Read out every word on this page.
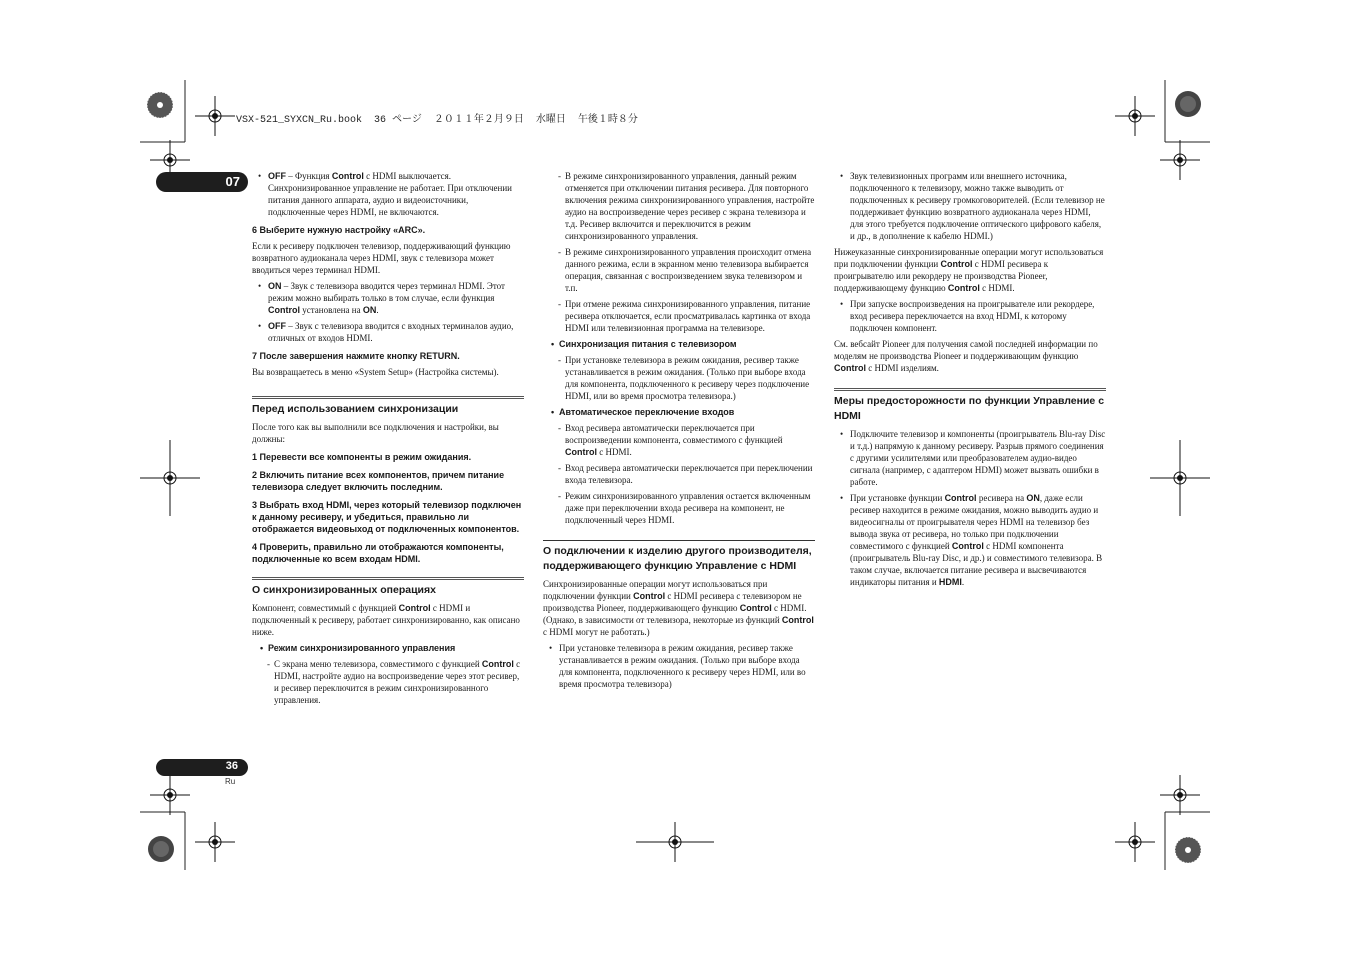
VSX-521_SYXCN_Ru.book  36 ページ  ２０１１年２月９日  水曜日  午後１時８分
07
36
Ru

• OFF – Функция Control с HDMI выключается. Синхронизированное управление не работает. При отключении питания данного аппарата, аудио и видеоисточники, подключенные через HDMI, не включаются.

6 Выберите нужную настройку «ARC».

Если к ресиверу подключен телевизор, поддерживающий функцию возвратного аудиоканала через HDMI, звук с телевизора может вводиться через терминал HDMI.

• ON – Звук с телевизора вводится через терминал HDMI. Этот режим можно выбирать только в том случае, если функция Control установлена на ON.

• OFF – Звук с телевизора вводится с входных терминалов аудио, отличных от входов HDMI.

7 После завершения нажмите кнопку RETURN.

Вы возвращаетесь в меню «System Setup» (Настройка системы).

Перед использованием синхронизации

После того как вы выполнили все подключения и настройки, вы должны:

1 Перевести все компоненты в режим ожидания.

2 Включить питание всех компонентов, причем питание телевизора следует включить последним.

3 Выбрать вход HDMI, через который телевизор подключен к данному ресиверу, и убедиться, правильно ли отображается видеовыход от подключенных компонентов.

4 Проверить, правильно ли отображаются компоненты, подключенные ко всем входам HDMI.

О синхронизированных операциях

Компонент, совместимый с функцией Control с HDMI и подключенный к ресиверу, работает синхронизированно, как описано ниже.

• Режим синхронизированного управления

- С экрана меню телевизора, совместимого с функцией Control с HDMI, настройте аудио на воспроизведение через этот ресивер, и ресивер переключится в режим синхронизированного управления.

- В режиме синхронизированного управления, данный режим отменяется при отключении питания ресивера. Для повторного включения режима синхронизированного управления, настройте аудио на воспроизведение через ресивер с экрана телевизора и т.д. Ресивер включится и переключится в режим синхронизированного управления.

- В режиме синхронизированного управления происходит отмена данного режима, если в экранном меню телевизора выбирается операция, связанная с воспроизведением звука телевизором и т.п.

- При отмене режима синхронизированного управления, питание ресивера отключается, если просматривалась картинка от входа HDMI или телевизионная программа на телевизоре.

• Синхронизация питания с телевизором

- При установке телевизора в режим ожидания, ресивер также устанавливается в режим ожидания. (Только при выборе входа для компонента, подключенного к ресиверу через подключение HDMI, или во время просмотра телевизора.)

• Автоматическое переключение входов

- Вход ресивера автоматически переключается при воспроизведении компонента, совместимого с функцией Control с HDMI.

- Вход ресивера автоматически переключается при переключении входа телевизора.

- Режим синхронизированного управления остается включенным даже при переключении входа ресивера на компонент, не подключенный через HDMI.

О подключении к изделию другого производителя, поддерживающего функцию Управление с HDMI

Синхронизированные операции могут использоваться при подключении функции Control с HDMI ресивера с телевизором не производства Pioneer, поддерживающего функцию Control с HDMI. (Однако, в зависимости от телевизора, некоторые из функций Control с HDMI могут не работать.)

• При установке телевизора в режим ожидания, ресивер также устанавливается в режим ожидания. (Только при выборе входа для компонента, подключенного к ресиверу через HDMI, или во время просмотра телевизора)

• Звук телевизионных программ или внешнего источника, подключенного к телевизору, можно также выводить от подключенных к ресиверу громкоговорителей. (Если телевизор не поддерживает функцию возвратного аудиоканала через HDMI, для этого требуется подключение оптического цифрового кабеля, и др., в дополнение к кабелю HDMI.)

Нижеуказанные синхронизированные операции могут использоваться при подключении функции Control с HDMI ресивера к проигрывателю или рекордеру не производства Pioneer, поддерживающему функцию Control с HDMI.

• При запуске воспроизведения на проигрывателе или рекордере, вход ресивера переключается на вход HDMI, к которому подключен компонент.

См. вебсайт Pioneer для получения самой последней информации по моделям не производства Pioneer и поддерживающим функцию Control с HDMI изделиям.

Меры предосторожности по функции Управление с HDMI

• Подключите телевизор и компоненты (проигрыватель Blu-ray Disc и т.д.) напрямую к данному ресиверу. Разрыв прямого соединения с другими усилителями или преобразователем аудио-видео сигнала (например, с адаптером HDMI) может вызвать ошибки в работе.

• При установке функции Control ресивера на ON, даже если ресивер находится в режиме ожидания, можно выводить аудио и видеосигналы от проигрывателя через HDMI на телевизор без вывода звука от ресивера, но только при подключении совместимого с функцией Control с HDMI компонента (проигрыватель Blu-ray Disc, и др.) и совместимого телевизора. В таком случае, включается питание ресивера и высвечиваются индикаторы питания и HDMI.
